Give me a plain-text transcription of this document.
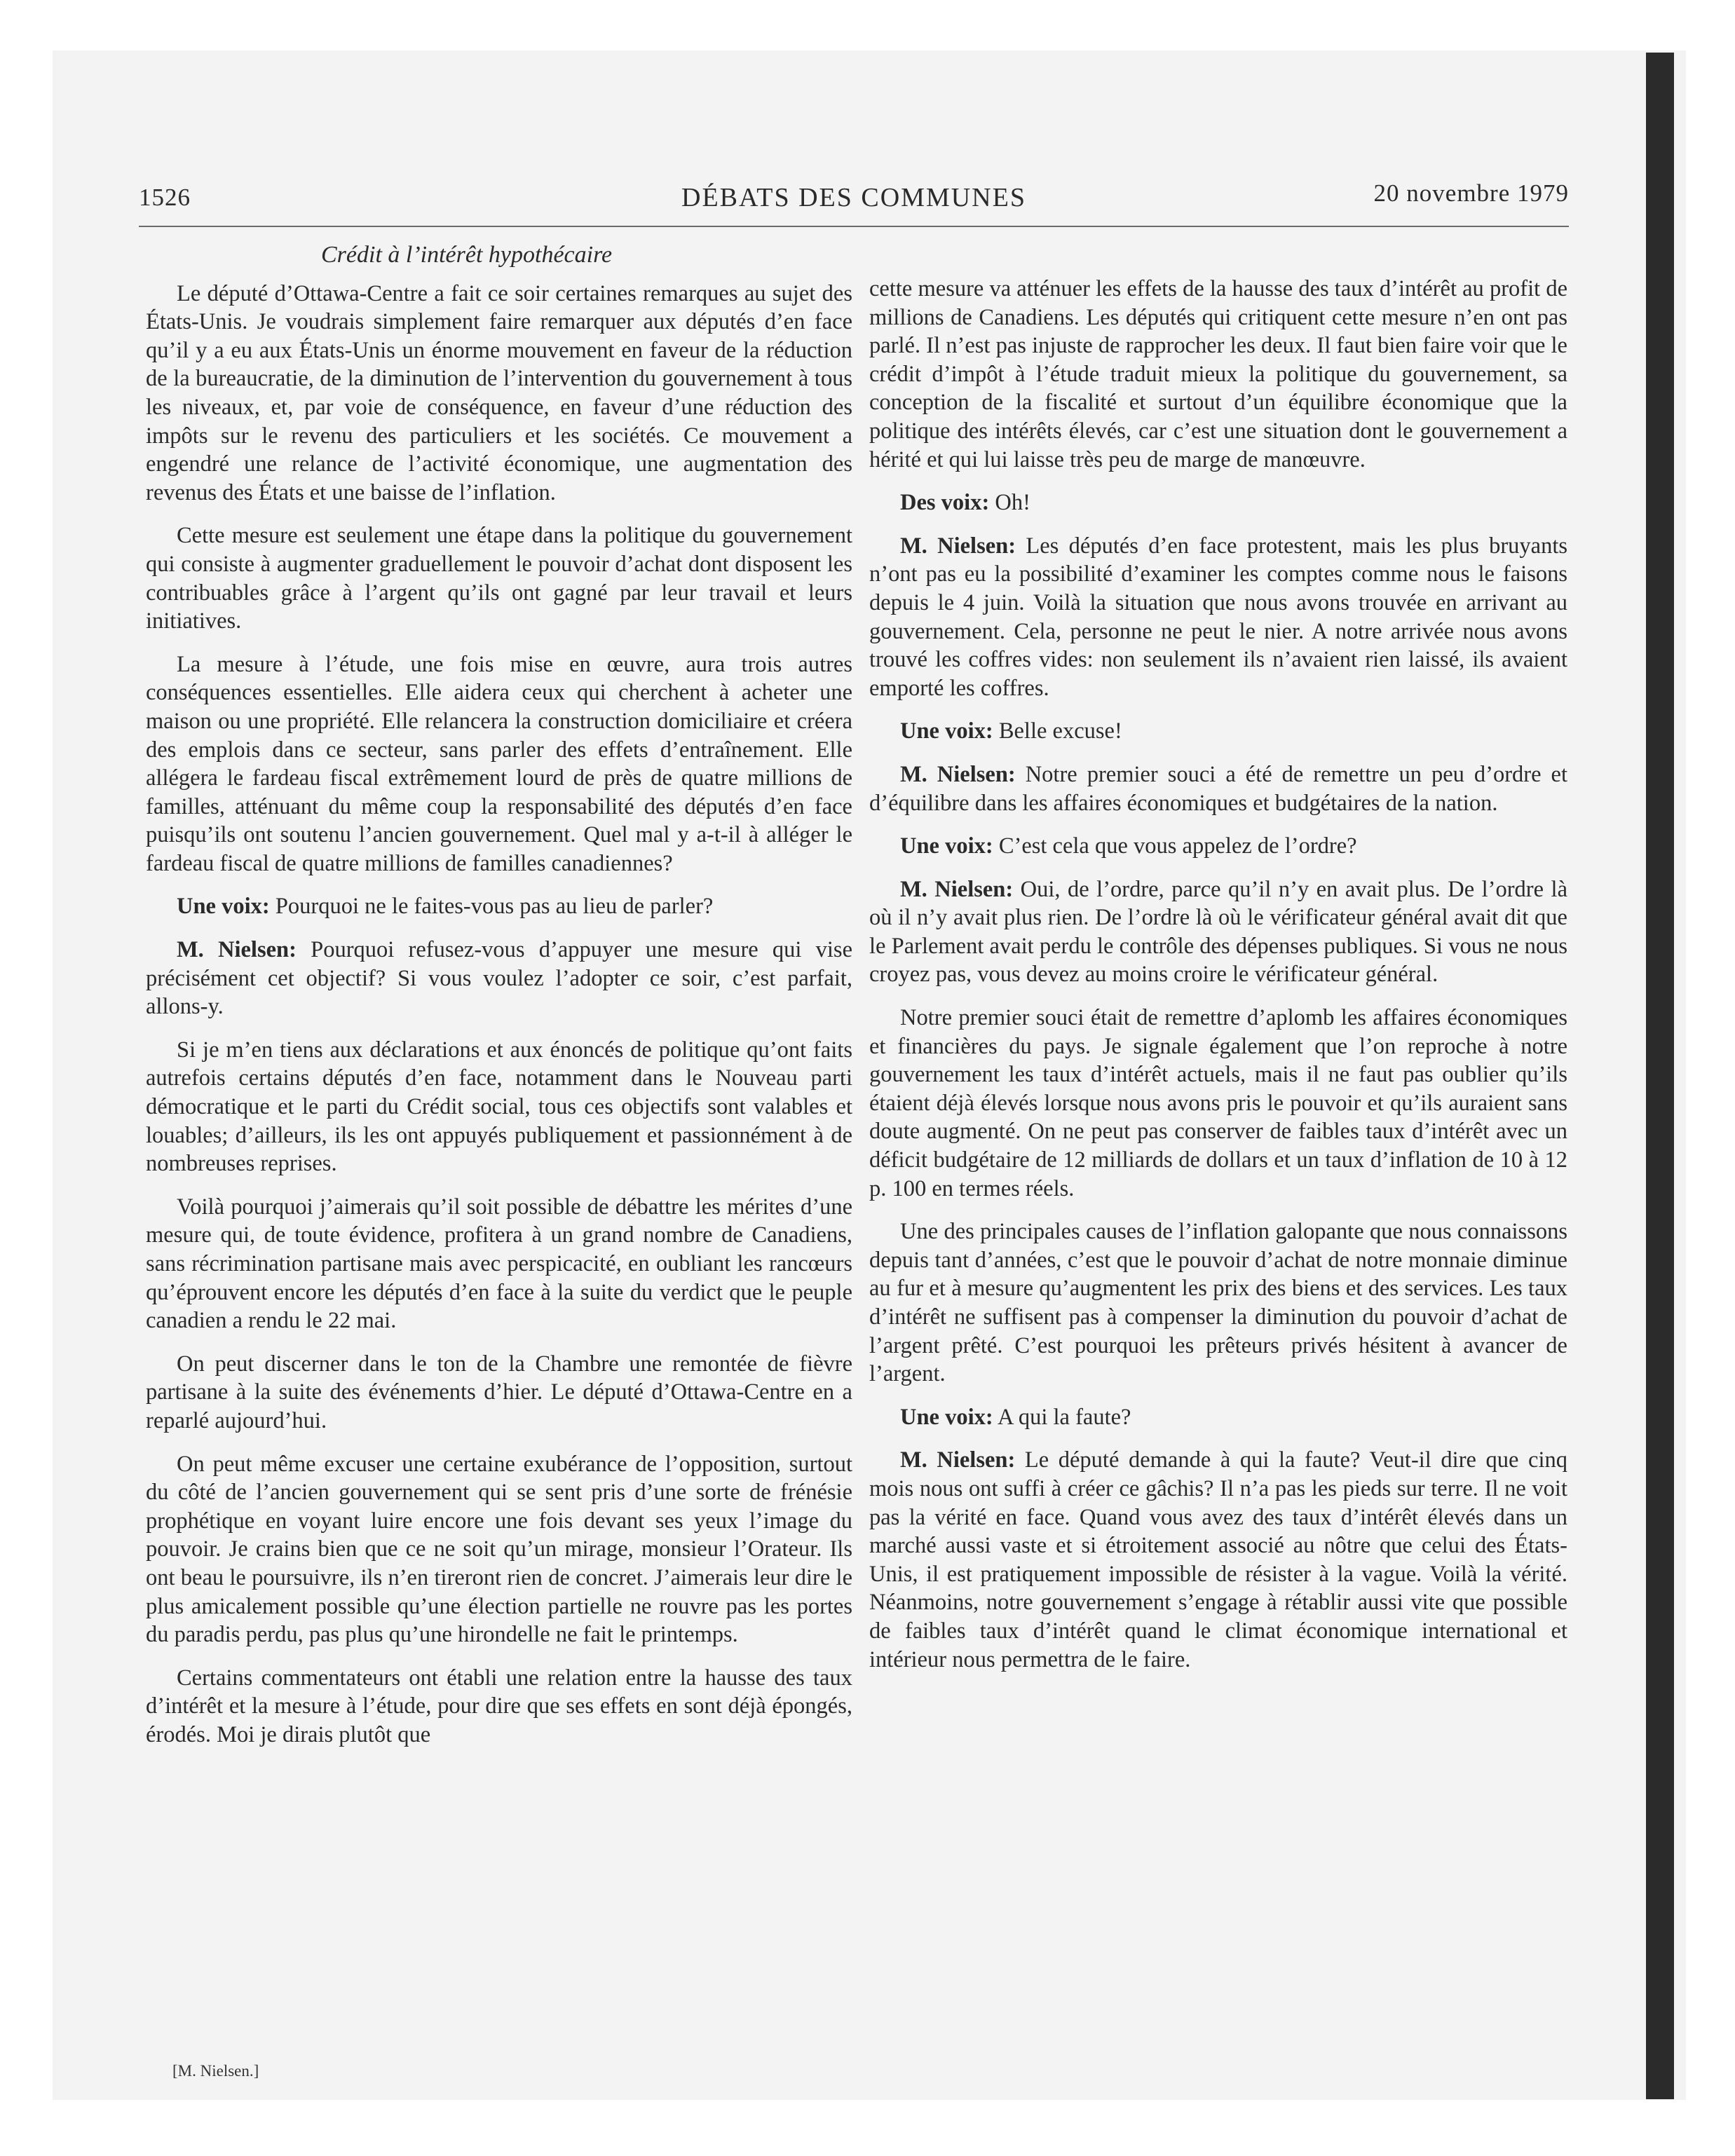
1526	DÉBATS DES COMMUNES	20 novembre 1979
Crédit à l’intérêt hypothécaire

Le député d’Ottawa-Centre a fait ce soir certaines remarques au sujet des États-Unis. Je voudrais simplement faire remarquer aux députés d’en face qu’il y a eu aux États-Unis un énorme mouvement en faveur de la réduction de la bureaucratie, de la diminution de l’intervention du gouvernement à tous les niveaux, et, par voie de conséquence, en faveur d’une réduction des impôts sur le revenu des particuliers et les sociétés. Ce mouvement a engendré une relance de l’activité économique, une augmentation des revenus des États et une baisse de l’inflation.

Cette mesure est seulement une étape dans la politique du gouvernement qui consiste à augmenter graduellement le pouvoir d’achat dont disposent les contribuables grâce à l’argent qu’ils ont gagné par leur travail et leurs initiatives.

La mesure à l’étude, une fois mise en œuvre, aura trois autres conséquences essentielles. Elle aidera ceux qui cherchent à acheter une maison ou une propriété. Elle relancera la construction domiciliaire et créera des emplois dans ce secteur, sans parler des effets d’entraînement. Elle allégera le fardeau fiscal extrêmement lourd de près de quatre millions de familles, atténuant du même coup la responsabilité des députés d’en face puisqu’ils ont soutenu l’ancien gouvernement. Quel mal y a-t-il à alléger le fardeau fiscal de quatre millions de familles canadiennes?

Une voix: Pourquoi ne le faites-vous pas au lieu de parler?

M. Nielsen: Pourquoi refusez-vous d’appuyer une mesure qui vise précisément cet objectif? Si vous voulez l’adopter ce soir, c’est parfait, allons-y.

Si je m’en tiens aux déclarations et aux énoncés de politique qu’ont faits autrefois certains députés d’en face, notamment dans le Nouveau parti démocratique et le parti du Crédit social, tous ces objectifs sont valables et louables; d’ailleurs, ils les ont appuyés publiquement et passionnément à de nombreuses reprises.

Voilà pourquoi j’aimerais qu’il soit possible de débattre les mérites d’une mesure qui, de toute évidence, profitera à un grand nombre de Canadiens, sans récrimination partisane mais avec perspicacité, en oubliant les rancœurs qu’éprouvent encore les députés d’en face à la suite du verdict que le peuple canadien a rendu le 22 mai.

On peut discerner dans le ton de la Chambre une remontée de fièvre partisane à la suite des événements d’hier. Le député d’Ottawa-Centre en a reparlé aujourd’hui.

On peut même excuser une certaine exubérance de l’opposition, surtout du côté de l’ancien gouvernement qui se sent pris d’une sorte de frénésie prophétique en voyant luire encore une fois devant ses yeux l’image du pouvoir. Je crains bien que ce ne soit qu’un mirage, monsieur l’Orateur. Ils ont beau le poursuivre, ils n’en tireront rien de concret. J’aimerais leur dire le plus amicalement possible qu’une élection partielle ne rouvre pas les portes du paradis perdu, pas plus qu’une hirondelle ne fait le printemps.

Certains commentateurs ont établi une relation entre la hausse des taux d’intérêt et la mesure à l’étude, pour dire que ses effets en sont déjà épongés, érodés. Moi je dirais plutôt que

[M. Nielsen.]

cette mesure va atténuer les effets de la hausse des taux d’intérêt au profit de millions de Canadiens. Les députés qui critiquent cette mesure n’en ont pas parlé. Il n’est pas injuste de rapprocher les deux. Il faut bien faire voir que le crédit d’impôt à l’étude traduit mieux la politique du gouvernement, sa conception de la fiscalité et surtout d’un équilibre économique que la politique des intérêts élevés, car c’est une situation dont le gouvernement a hérité et qui lui laisse très peu de marge de manœuvre.

Des voix: Oh!

M. Nielsen: Les députés d’en face protestent, mais les plus bruyants n’ont pas eu la possibilité d’examiner les comptes comme nous le faisons depuis le 4 juin. Voilà la situation que nous avons trouvée en arrivant au gouvernement. Cela, personne ne peut le nier. A notre arrivée nous avons trouvé les coffres vides: non seulement ils n’avaient rien laissé, ils avaient emporté les coffres.

Une voix: Belle excuse!

M. Nielsen: Notre premier souci a été de remettre un peu d’ordre et d’équilibre dans les affaires économiques et budgétaires de la nation.

Une voix: C’est cela que vous appelez de l’ordre?

M. Nielsen: Oui, de l’ordre, parce qu’il n’y en avait plus. De l’ordre là où il n’y avait plus rien. De l’ordre là où le vérificateur général avait dit que le Parlement avait perdu le contrôle des dépenses publiques. Si vous ne nous croyez pas, vous devez au moins croire le vérificateur général.

Notre premier souci était de remettre d’aplomb les affaires économiques et financières du pays. Je signale également que l’on reproche à notre gouvernement les taux d’intérêt actuels, mais il ne faut pas oublier qu’ils étaient déjà élevés lorsque nous avons pris le pouvoir et qu’ils auraient sans doute augmenté. On ne peut pas conserver de faibles taux d’intérêt avec un déficit budgétaire de 12 milliards de dollars et un taux d’inflation de 10 à 12 p. 100 en termes réels.

Une des principales causes de l’inflation galopante que nous connaissons depuis tant d’années, c’est que le pouvoir d’achat de notre monnaie diminue au fur et à mesure qu’augmentent les prix des biens et des services. Les taux d’intérêt ne suffisent pas à compenser la diminution du pouvoir d’achat de l’argent prêté. C’est pourquoi les prêteurs privés hésitent à avancer de l’argent.

Une voix: A qui la faute?

M. Nielsen: Le député demande à qui la faute? Veut-il dire que cinq mois nous ont suffi à créer ce gâchis? Il n’a pas les pieds sur terre. Il ne voit pas la vérité en face. Quand vous avez des taux d’intérêt élevés dans un marché aussi vaste et si étroitement associé au nôtre que celui des États-Unis, il est pratiquement impossible de résister à la vague. Voilà la vérité. Néanmoins, notre gouvernement s’engage à rétablir aussi vite que possible de faibles taux d’intérêt quand le climat économique international et intérieur nous permettra de le faire.
